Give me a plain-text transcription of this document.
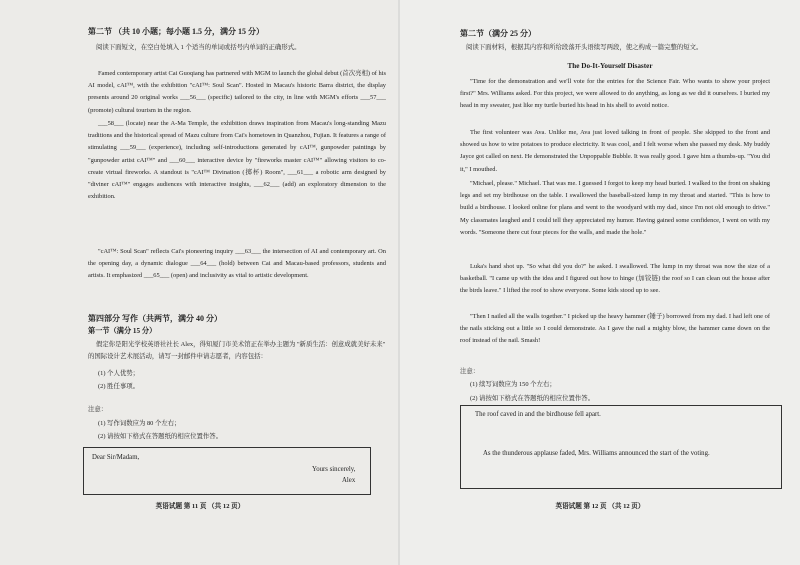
第二节 （共 10 小题；每小题 1.5 分，满分 15 分）
阅读下面短文，在空白处填入 1 个适当的单词或括号内单词的正确形式。

Famed contemporary artist Cai Guoqiang has partnered with MGM to launch the global debut (首次亮相) of his AI model, cAI™, with the exhibition "cAI™: Soul Scan". Hosted in Macau's historic Barra district, the display presents around 20 original works ___56___ (specific) tailored to the city, in line with MGM's efforts ___57___ (promote) cultural tourism in the region.

___58___ (locate) near the A-Ma Temple, the exhibition draws inspiration from Macau's long-standing Mazu traditions and the historical spread of Mazu culture from Cai's hometown in Quanzhou, Fujian. It features a range of stimulating ___59___ (experience), including self-introductions generated by cAI™, gunpowder paintings by "gunpowder artist cAI™" and ___60___ interactive device by "fireworks master cAI™" allowing visitors to co-create virtual fireworks. A standout is "cAI™ Divination (掷杯) Room", ___61___ a robotic arm designed by "diviner cAI™" engages audiences with interactive insights, ___62___ (add) an exploratory dimension to the exhibition.

"cAI™: Soul Scan" reflects Cai's pioneering inquiry ___63___ the intersection of AI and contemporary art. On the opening day, a dynamic dialogue ___64___ (hold) between Cai and Macau-based professors, students and artists. It emphasized ___65___ (open) and inclusivity as vital to artistic development.

第四部分 写作（共两节，满分 40 分）
第一节（满分 15 分）
假定你是阳光学校英语社社长 Alex，得知厦门市美术馆正在举办主题为 "新质生活：创意成就美好未来" 的国际设计艺术展活动，请写一封邮件申请志愿者，内容包括：
(1) 个人优势；
(2) 胜任事项。
注意：
(1) 写作词数应为 80 个左右；
(2) 请按如下格式在答题纸的相应位置作答。
Dear Sir/Madam,
Yours sincerely,
Alex
英语试题 第 11 页 （共 12 页）
第二节（满分 25 分）
阅读下面材料，根据其内容和所给段落开头语续写两段，使之构成一篇完整的短文。
The Do-It-Yourself Disaster

"Time for the demonstration and we'll vote for the entries for the Science Fair. Who wants to show your project first?" Mrs. Williams asked. For this project, we were allowed to do anything, as long as we did it ourselves. I buried my head in my sweater, just like my turtle buried his head in his shell to avoid notice.

The first volunteer was Ava. Unlike me, Ava just loved talking in front of people. She skipped to the front and showed us how to wire potatoes to produce electricity. It was cool, and I felt worse when she passed my desk. My buddy Jayce got called on next. He demonstrated the Unpoppable Bubble. It was really good. I gave him a thumbs-up. "You did it," I mouthed.

"Michael, please." Michael. That was me. I guessed I forgot to keep my head buried. I walked to the front on shaking legs and set my birdhouse on the table. I swallowed the baseball-sized lump in my throat and started. "This is how to build a birdhouse. I looked online for plans and went to the woodyard with my dad, since I'm not old enough to drive." My classmates laughed and I could tell they appreciated my humor. Having gained some confidence, I went on with my words. "Someone there cut four pieces for the walls, and made the hole."

Luka's hand shot up. "So what did you do?" he asked. I swallowed. The lump in my throat was now the size of a basketball. "I came up with the idea and I figured out how to hinge (加铰链) the roof so I can clean out the house after the birds leave." I lifted the roof to show everyone. Some kids stood up to see.

"Then I nailed all the walls together." I picked up the heavy hammer (锤子) borrowed from my dad. I had left one of the nails sticking out a little so I could demonstrate. As I gave the nail a mighty blow, the hammer came down on the roof instead of the nail. Smash!

注意：
(1) 续写词数应为 150 个左右；
(2) 请按如下格式在答题纸的相应位置作答。
The roof caved in and the birdhouse fell apart.
As the thunderous applause faded, Mrs. Williams announced the start of the voting.
英语试题 第 12 页 （共 12 页）
